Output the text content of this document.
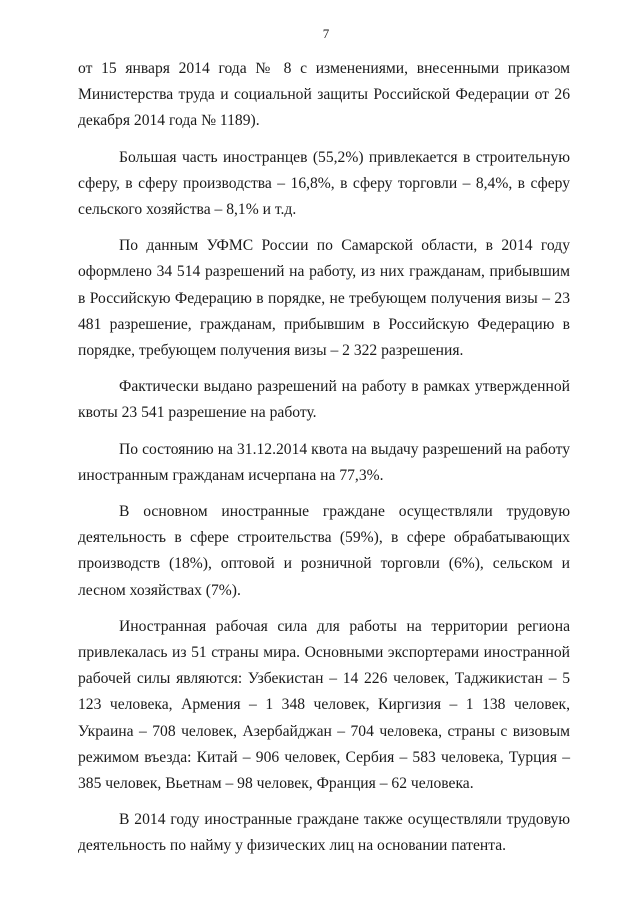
7

от 15 января 2014 года № 8 с изменениями, внесенными приказом Министерства труда и социальной защиты Российской Федерации от 26 декабря 2014 года № 1189).

Большая часть иностранцев (55,2%) привлекается в строительную сферу, в сферу производства – 16,8%, в сферу торговли – 8,4%, в сферу сельского хозяйства – 8,1% и т.д.

По данным УФМС России по Самарской области, в 2014 году оформлено 34 514 разрешений на работу, из них гражданам, прибывшим в Российскую Федерацию в порядке, не требующем получения визы – 23 481 разрешение, гражданам, прибывшим в Российскую Федерацию в порядке, требующем получения визы – 2 322 разрешения.

Фактически выдано разрешений на работу в рамках утвержденной квоты 23 541 разрешение на работу.

По состоянию на 31.12.2014 квота на выдачу разрешений на работу иностранным гражданам исчерпана на 77,3%.

В основном иностранные граждане осуществляли трудовую деятельность в сфере строительства (59%), в сфере обрабатывающих производств (18%), оптовой и розничной торговли (6%), сельском и лесном хозяйствах (7%).

Иностранная рабочая сила для работы на территории региона привлекалась из 51 страны мира. Основными экспортерами иностранной рабочей силы являются: Узбекистан – 14 226 человек, Таджикистан – 5 123 человека, Армения – 1 348 человек, Киргизия – 1 138 человек, Украина – 708 человек, Азербайджан – 704 человека, страны с визовым режимом въезда: Китай – 906 человек, Сербия – 583 человека, Турция – 385 человек, Вьетнам – 98 человек, Франция – 62 человека.

В 2014 году иностранные граждане также осуществляли трудовую деятельность по найму у физических лиц на основании патента.
